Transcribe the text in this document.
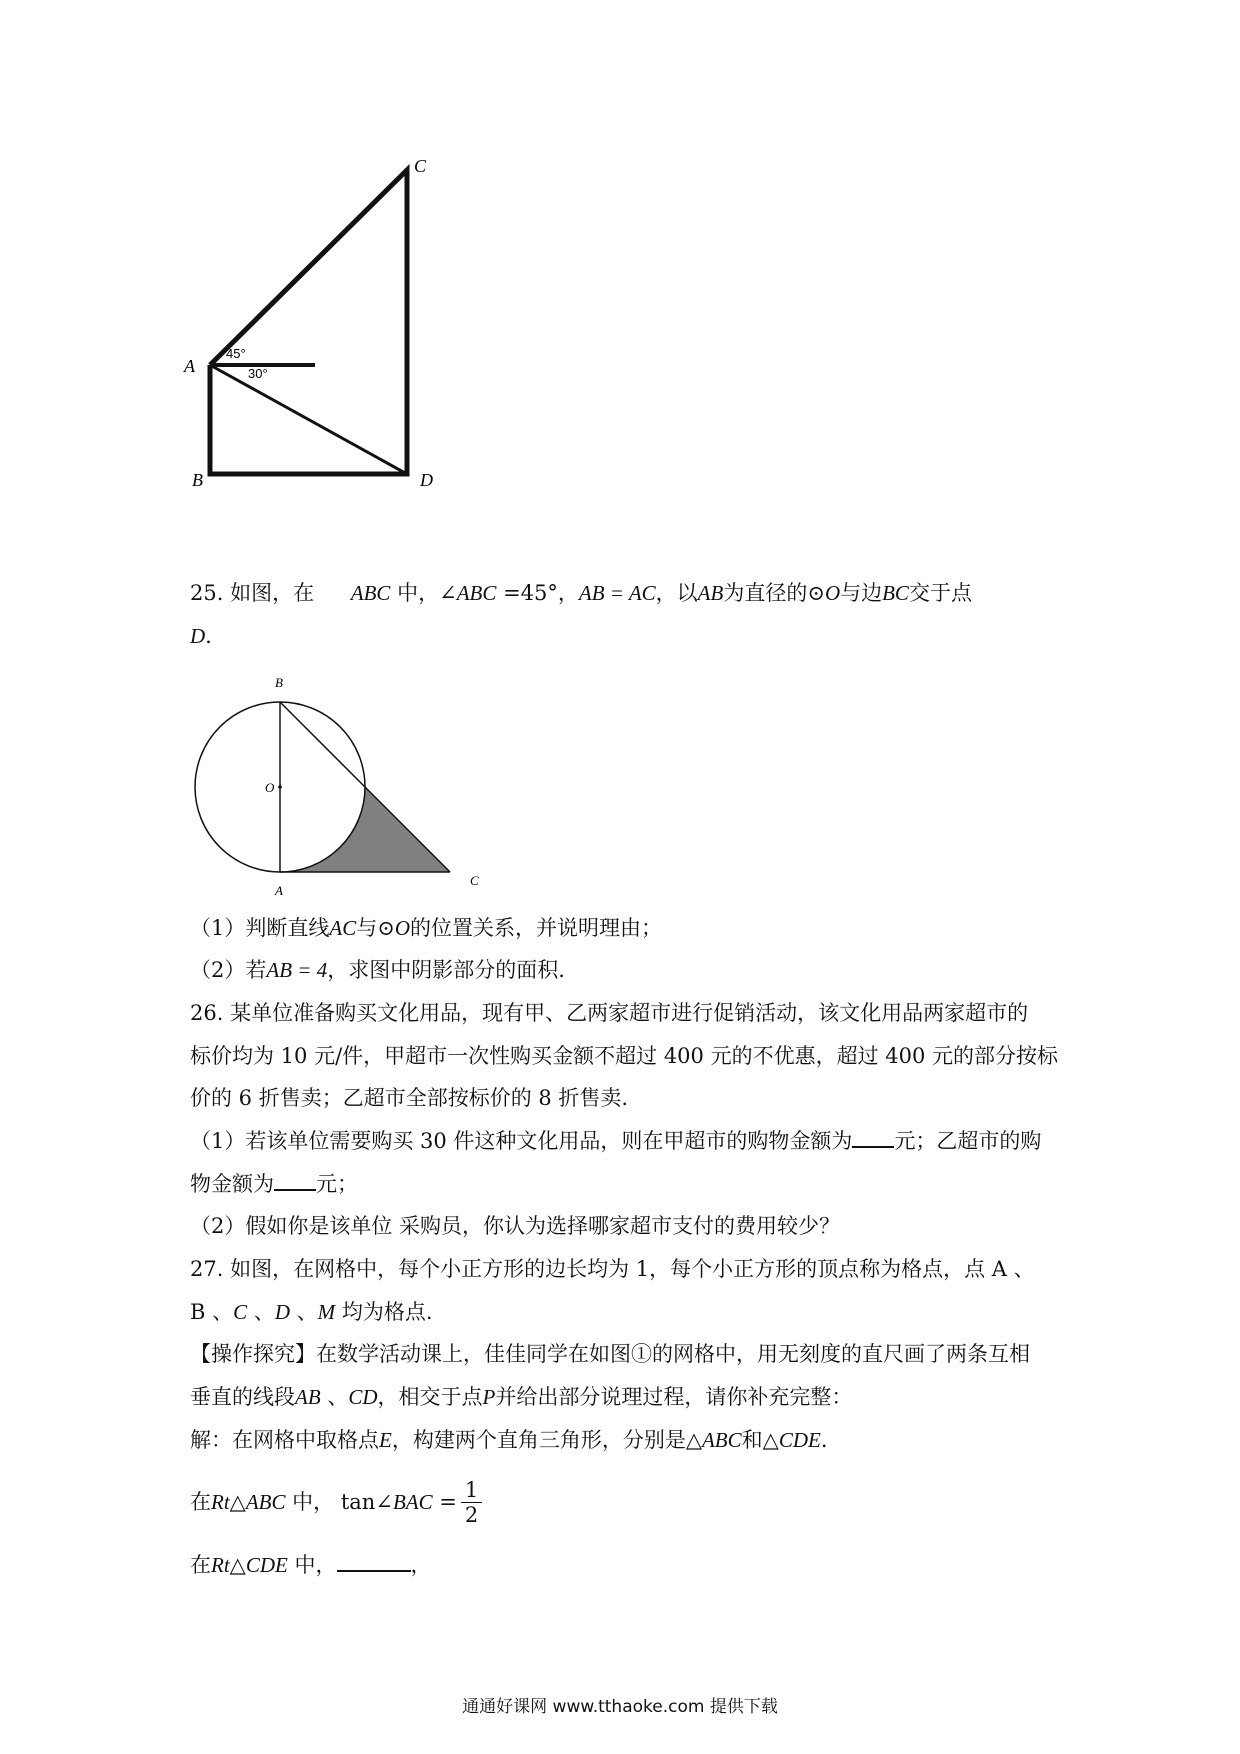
A
B
C
D
45°
30°
25. 如图，在 ABC 中，∠ABC =45°，AB = AC，以AB为直径的⊙O与边BC交于点
D.
B
O
A
C
（1）判断直线AC与⊙O的位置关系，并说明理由；
（2）若AB = 4，求图中阴影部分的面积.
26. 某单位准备购买文化用品，现有甲、乙两家超市进行促销活动，该文化用品两家超市的
标价均为 10 元/件，甲超市一次性购买金额不超过 400 元的不优惠，超过 400 元的部分按标
价的 6 折售卖；乙超市全部按标价的 8 折售卖.
（1）若该单位需要购买 30 件这种文化用品，则在甲超市的购物金额为 元；乙超市的购
物金额为 元；
（2）假如你是该单位 采购员，你认为选择哪家超市支付的费用较少？
27. 如图，在网格中，每个小正方形的边长均为 1，每个小正方形的顶点称为格点，点 A 、
B 、C 、D 、M 均为格点.
【操作探究】在数学活动课上，佳佳同学在如图①的网格中，用无刻度的直尺画了两条互相
垂直的线段AB 、CD，相交于点P并给出部分说理过程，请你补充完整：
解：在网格中取格点E，构建两个直角三角形，分别是△ABC和△CDE.
在Rt△ABC 中， tan∠BAC = $\frac{1}{2}$
在Rt△CDE 中，	，
通通好课网 www.tthaoke.com 提供下载
